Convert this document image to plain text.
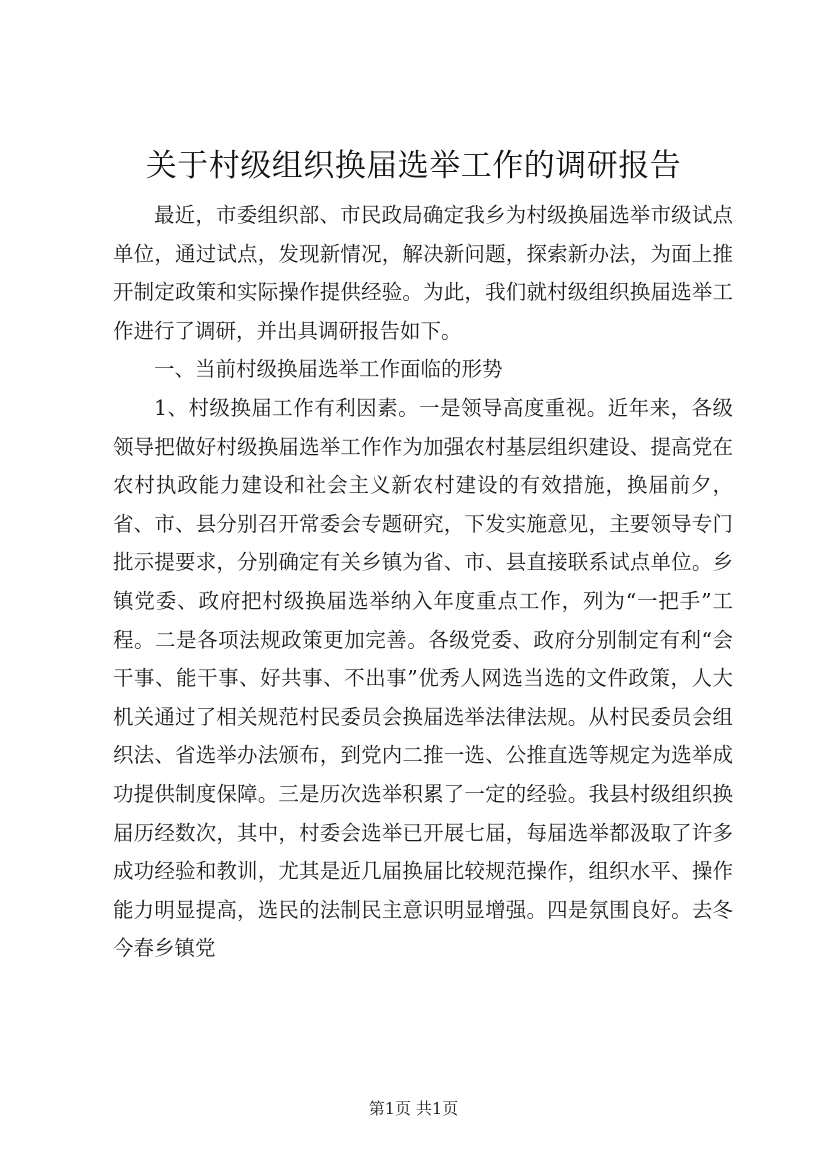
关于村级组织换届选举工作的调研报告

最近，市委组织部、市民政局确定我乡为村级换届选举市级试点单位，通过试点，发现新情况，解决新问题，探索新办法，为面上推开制定政策和实际操作提供经验。为此，我们就村级组织换届选举工作进行了调研，并出具调研报告如下。

一、当前村级换届选举工作面临的形势

1、村级换届工作有利因素。一是领导高度重视。近年来，各级领导把做好村级换届选举工作作为加强农村基层组织建设、提高党在农村执政能力建设和社会主义新农村建设的有效措施，换届前夕，省、市、县分别召开常委会专题研究，下发实施意见，主要领导专门批示提要求，分别确定有关乡镇为省、市、县直接联系试点单位。乡镇党委、政府把村级换届选举纳入年度重点工作，列为“一把手”工程。二是各项法规政策更加完善。各级党委、政府分别制定有利“会干事、能干事、好共事、不出事”优秀人网选当选的文件政策，人大机关通过了相关规范村民委员会换届选举法律法规。从村民委员会组织法、省选举办法颁布，到党内二推一选、公推直选等规定为选举成功提供制度保障。三是历次选举积累了一定的经验。我县村级组织换届历经数次，其中，村委会选举已开展七届，每届选举都汲取了许多成功经验和教训，尤其是近几届换届比较规范操作，组织水平、操作能力明显提高，选民的法制民主意识明显增强。四是氛围良好。去冬今春乡镇党

第1页 共1页
